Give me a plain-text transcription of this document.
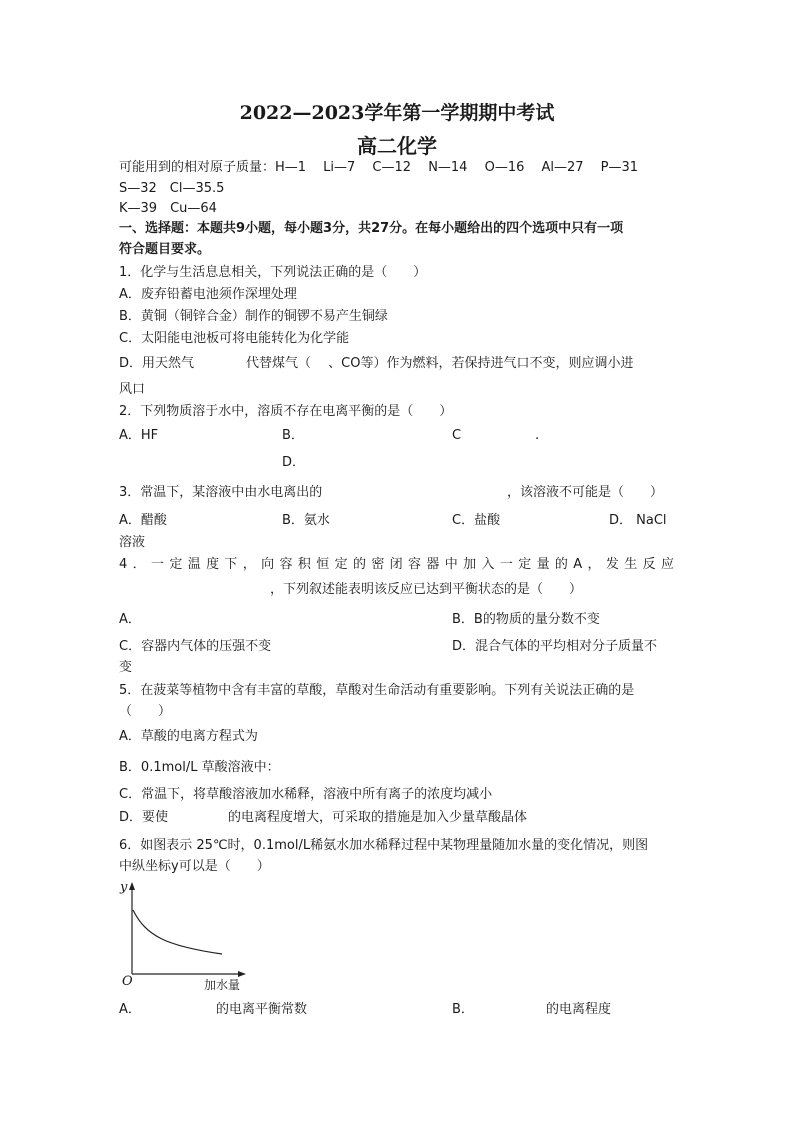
2022—2023学年第一学期期中考试
高二化学
可能用到的相对原子质量：H—1　 Li—7　 C—12　 N—14　 O—16　 Al—27　 P—31
S—32　Cl—35.5
K—39　Cu—64
一、选择题：本题共9小题，每小题3分，共27分。在每小题给出的四个选项中只有一项
符合题目要求。
1．化学与生活息息相关，下列说法正确的是（　　）
A．废弃铅蓄电池须作深埋处理
B．黄铜（铜锌合金）制作的铜锣不易产生铜绿
C．太阳能电池板可将电能转化为化学能
D．用天然气	代替煤气（　 、CO等）作为燃料，若保持进气口不变，则应调小进
风口
2．下列物质溶于水中，溶质不存在电离平衡的是（　　）
A．HF	B．	C	.
D．
3．常温下，某溶液中由水电离出的	，该溶液不可能是（　　）
A．醋酸	B．氨水	C．盐酸	D． NaCl
溶液
4．一定温度下，向容积恒定的密闭容器中加入一定量的A，发生反应
，下列叙述能表明该反应已达到平衡状态的是（　　）
A．	B．B的物质的量分数不变
C．容器内气体的压强不变	D．混合气体的平均相对分子质量不
变
5．在菠菜等植物中含有丰富的草酸，草酸对生命活动有重要影响。下列有关说法正确的是
（　　）
A．草酸的电离方程式为
B．0.1mol/L 草酸溶液中：
C．常温下，将草酸溶液加水稀释，溶液中所有离子的浓度均减小
D．要使	的电离程度增大，可采取的措施是加入少量草酸晶体
6．如图表示 25℃时，0.1mol/L稀氨水加水稀释过程中某物理量随加水量的变化情况，则图
中纵坐标y可以是（　　）
y
O	加水量
A．	的电离平衡常数	B．	的电离程度
